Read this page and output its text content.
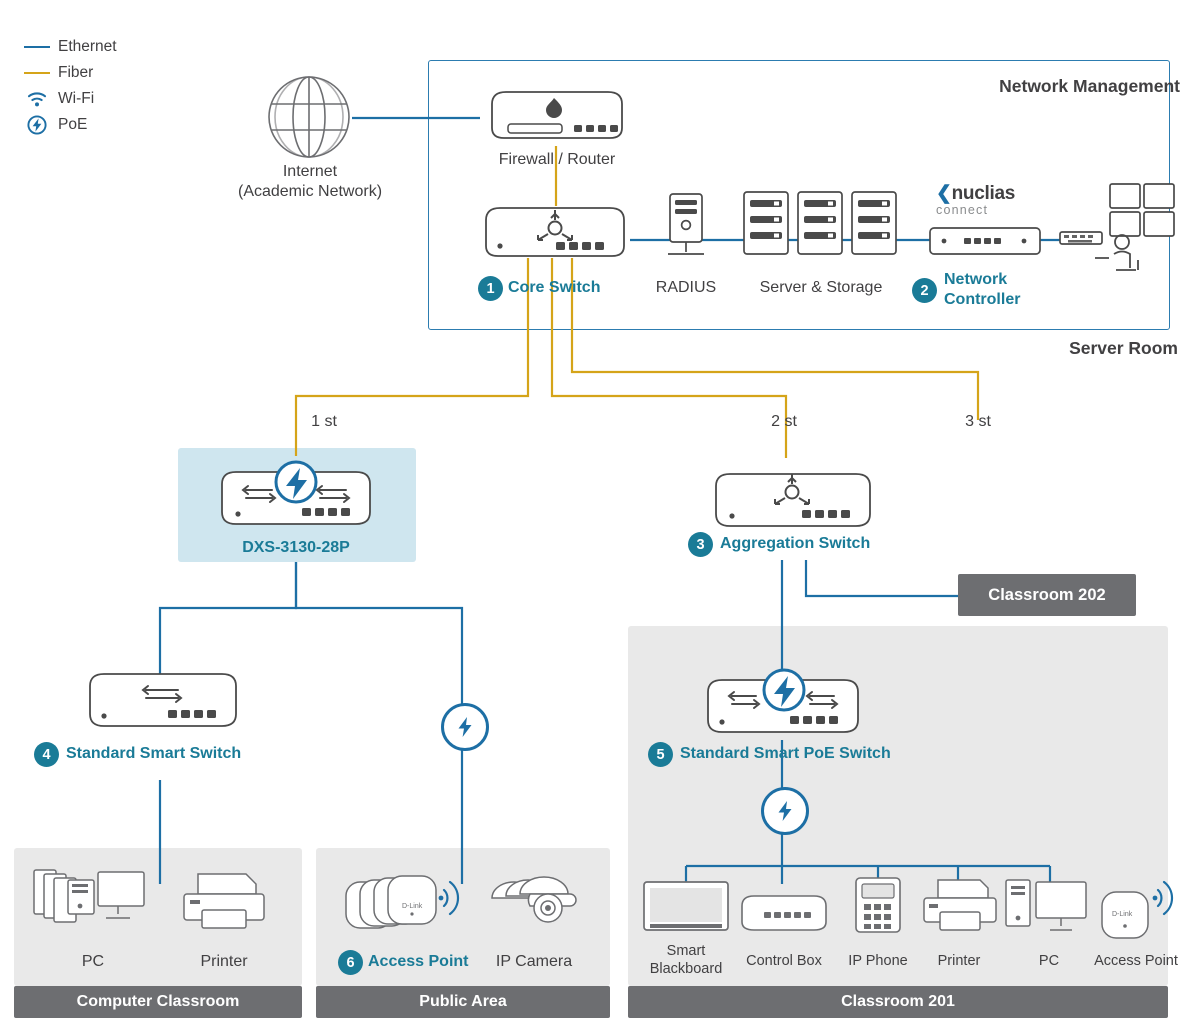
Network Management
Server Room
Computer Classroom	Public Area	Classroom 201
Classroom 202
Ethernet
Fiber
Wi-Fi
PoE
Internet
(Academic Network)
Firewall / Router
1 Core Switch	RADIUS	Server & Storage
❮nuclias
connect
2
Network
Controller
1 st	2 st	3 st
DXS-3130-28P	3 Aggregation Switch
4 Standard Smart Switch	5 Standard Smart PoE Switch
PC	Printer
D-Link
6 Access Point	IP Camera
Smart
Blackboard
Control Box	IP Phone	Printer	PC
D-Link
Access Point
